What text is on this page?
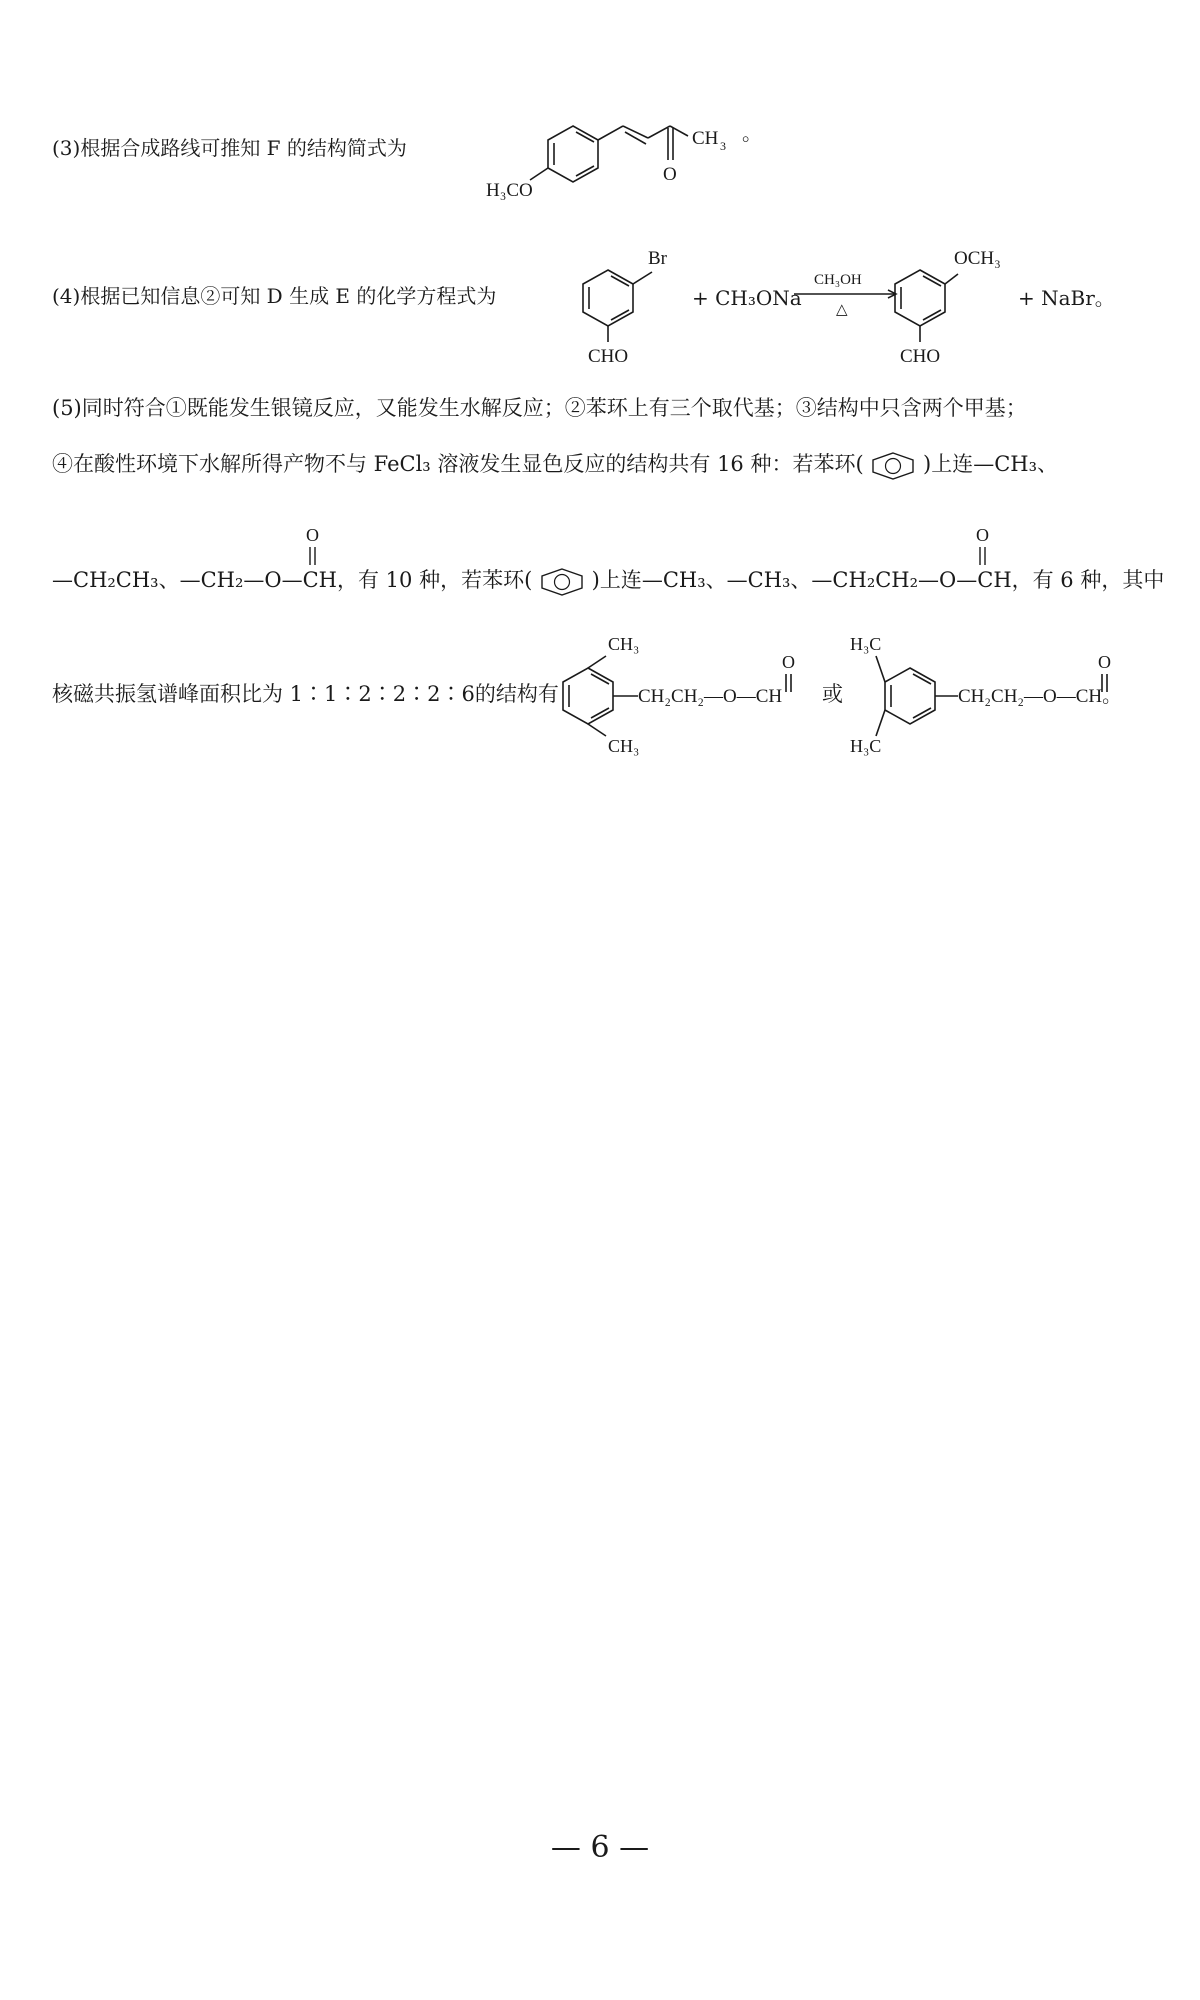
(3)根据合成路线可推知 F 的结构简式为
H₃CO
O
CH 3
。
(4)根据已知信息②可知 D 生成 E 的化学方程式为
Br
CHO
+ CH₃ONa
CH₃OH
△
OCH₃
CHO
+ NaBr。
(5)同时符合①既能发生银镜反应，又能发生水解反应；②苯环上有三个取代基；③结构中只含两个甲基；
④在酸性环境下水解所得产物不与 FeCl₃ 溶液发生显色反应的结构共有 16 种：若苯环(	)上连—CH₃、
O	O
—CH₂CH₃、—CH₂—O—CH，有 10 种，若苯环(	)上连—CH₃、—CH₃、—CH₂CH₂—O—CH，有 6 种，其中
核磁共振氢谱峰面积比为 1∶1∶2∶2∶2∶6的结构有
CH₃
CH₃
CH₂CH₂—O—CH
O
或
H₃C
H₃C
CH₂CH₂—O—CH。
O
— 6 —
